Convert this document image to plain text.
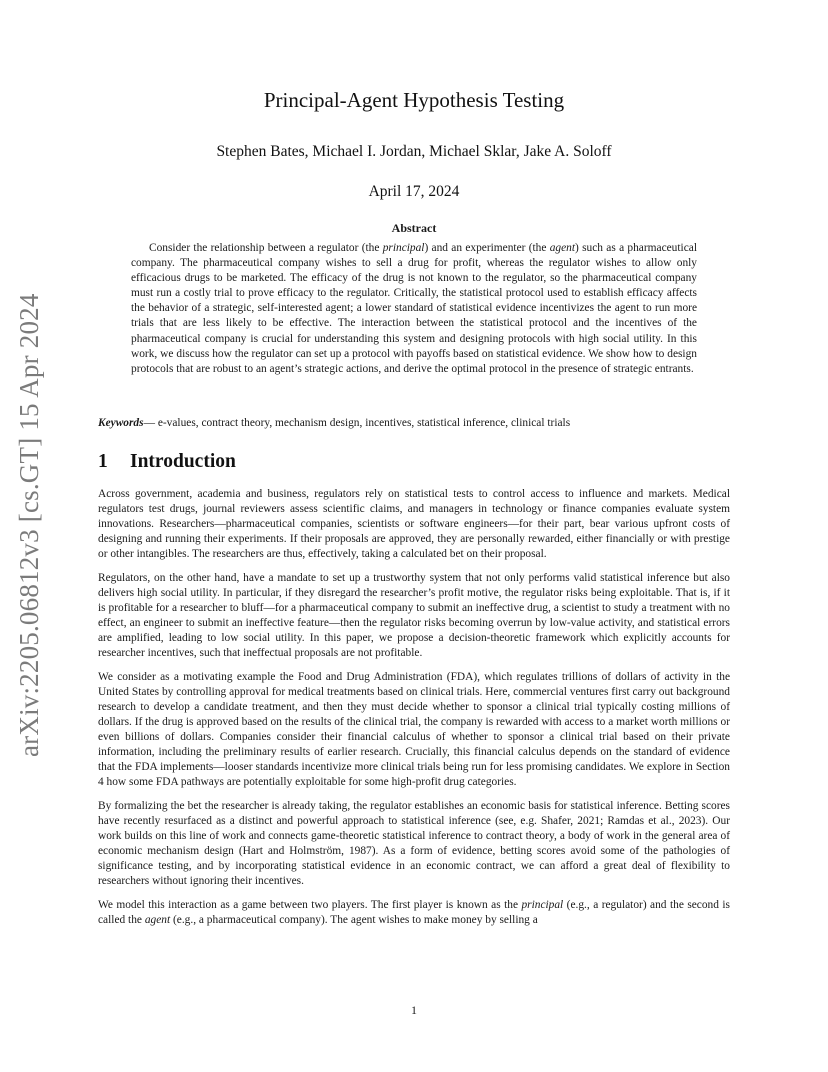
arXiv:2205.06812v3 [cs.GT] 15 Apr 2024
Principal-Agent Hypothesis Testing
Stephen Bates, Michael I. Jordan, Michael Sklar, Jake A. Soloff
April 17, 2024
Abstract
Consider the relationship between a regulator (the principal) and an experimenter (the agent) such as a pharmaceutical company. The pharmaceutical company wishes to sell a drug for profit, whereas the regulator wishes to allow only efficacious drugs to be marketed. The efficacy of the drug is not known to the regulator, so the pharmaceutical company must run a costly trial to prove efficacy to the regulator. Critically, the statistical protocol used to establish efficacy affects the behavior of a strategic, self-interested agent; a lower standard of statistical evidence incentivizes the agent to run more trials that are less likely to be effective. The interaction between the statistical protocol and the incentives of the pharmaceutical company is crucial for understanding this system and designing protocols with high social utility. In this work, we discuss how the regulator can set up a protocol with payoffs based on statistical evidence. We show how to design protocols that are robust to an agent’s strategic actions, and derive the optimal protocol in the presence of strategic entrants.
Keywords— e-values, contract theory, mechanism design, incentives, statistical inference, clinical trials
1 Introduction

Across government, academia and business, regulators rely on statistical tests to control access to influence and markets. Medical regulators test drugs, journal reviewers assess scientific claims, and managers in technology or finance companies evaluate system innovations. Researchers—pharmaceutical companies, scientists or software engineers—for their part, bear various upfront costs of designing and running their experiments. If their proposals are approved, they are personally rewarded, either financially or with prestige or other intangibles. The researchers are thus, effectively, taking a calculated bet on their proposal.

Regulators, on the other hand, have a mandate to set up a trustworthy system that not only performs valid statistical inference but also delivers high social utility. In particular, if they disregard the researcher’s profit motive, the regulator risks being exploitable. That is, if it is profitable for a researcher to bluff—for a pharmaceutical company to submit an ineffective drug, a scientist to study a treatment with no effect, an engineer to submit an ineffective feature—then the regulator risks becoming overrun by low-value activity, and statistical errors are amplified, leading to low social utility. In this paper, we propose a decision-theoretic framework which explicitly accounts for researcher incentives, such that ineffectual proposals are not profitable.

We consider as a motivating example the Food and Drug Administration (FDA), which regulates trillions of dollars of activity in the United States by controlling approval for medical treatments based on clinical trials. Here, commercial ventures first carry out background research to develop a candidate treatment, and then they must decide whether to sponsor a clinical trial typically costing millions of dollars. If the drug is approved based on the results of the clinical trial, the company is rewarded with access to a market worth millions or even billions of dollars. Companies consider their financial calculus of whether to sponsor a clinical trial based on their private information, including the preliminary results of earlier research. Crucially, this financial calculus depends on the standard of evidence that the FDA implements—looser standards incentivize more clinical trials being run for less promising candidates. We explore in Section 4 how some FDA pathways are potentially exploitable for some high-profit drug categories.

By formalizing the bet the researcher is already taking, the regulator establishes an economic basis for statistical inference. Betting scores have recently resurfaced as a distinct and powerful approach to statistical inference (see, e.g. Shafer, 2021; Ramdas et al., 2023). Our work builds on this line of work and connects game-theoretic statistical inference to contract theory, a body of work in the general area of economic mechanism design (Hart and Holmström, 1987). As a form of evidence, betting scores avoid some of the pathologies of significance testing, and by incorporating statistical evidence in an economic contract, we can afford a great deal of flexibility to researchers without ignoring their incentives.

We model this interaction as a game between two players. The first player is known as the principal (e.g., a regulator) and the second is called the agent (e.g., a pharmaceutical company). The agent wishes to make money by selling a

1
